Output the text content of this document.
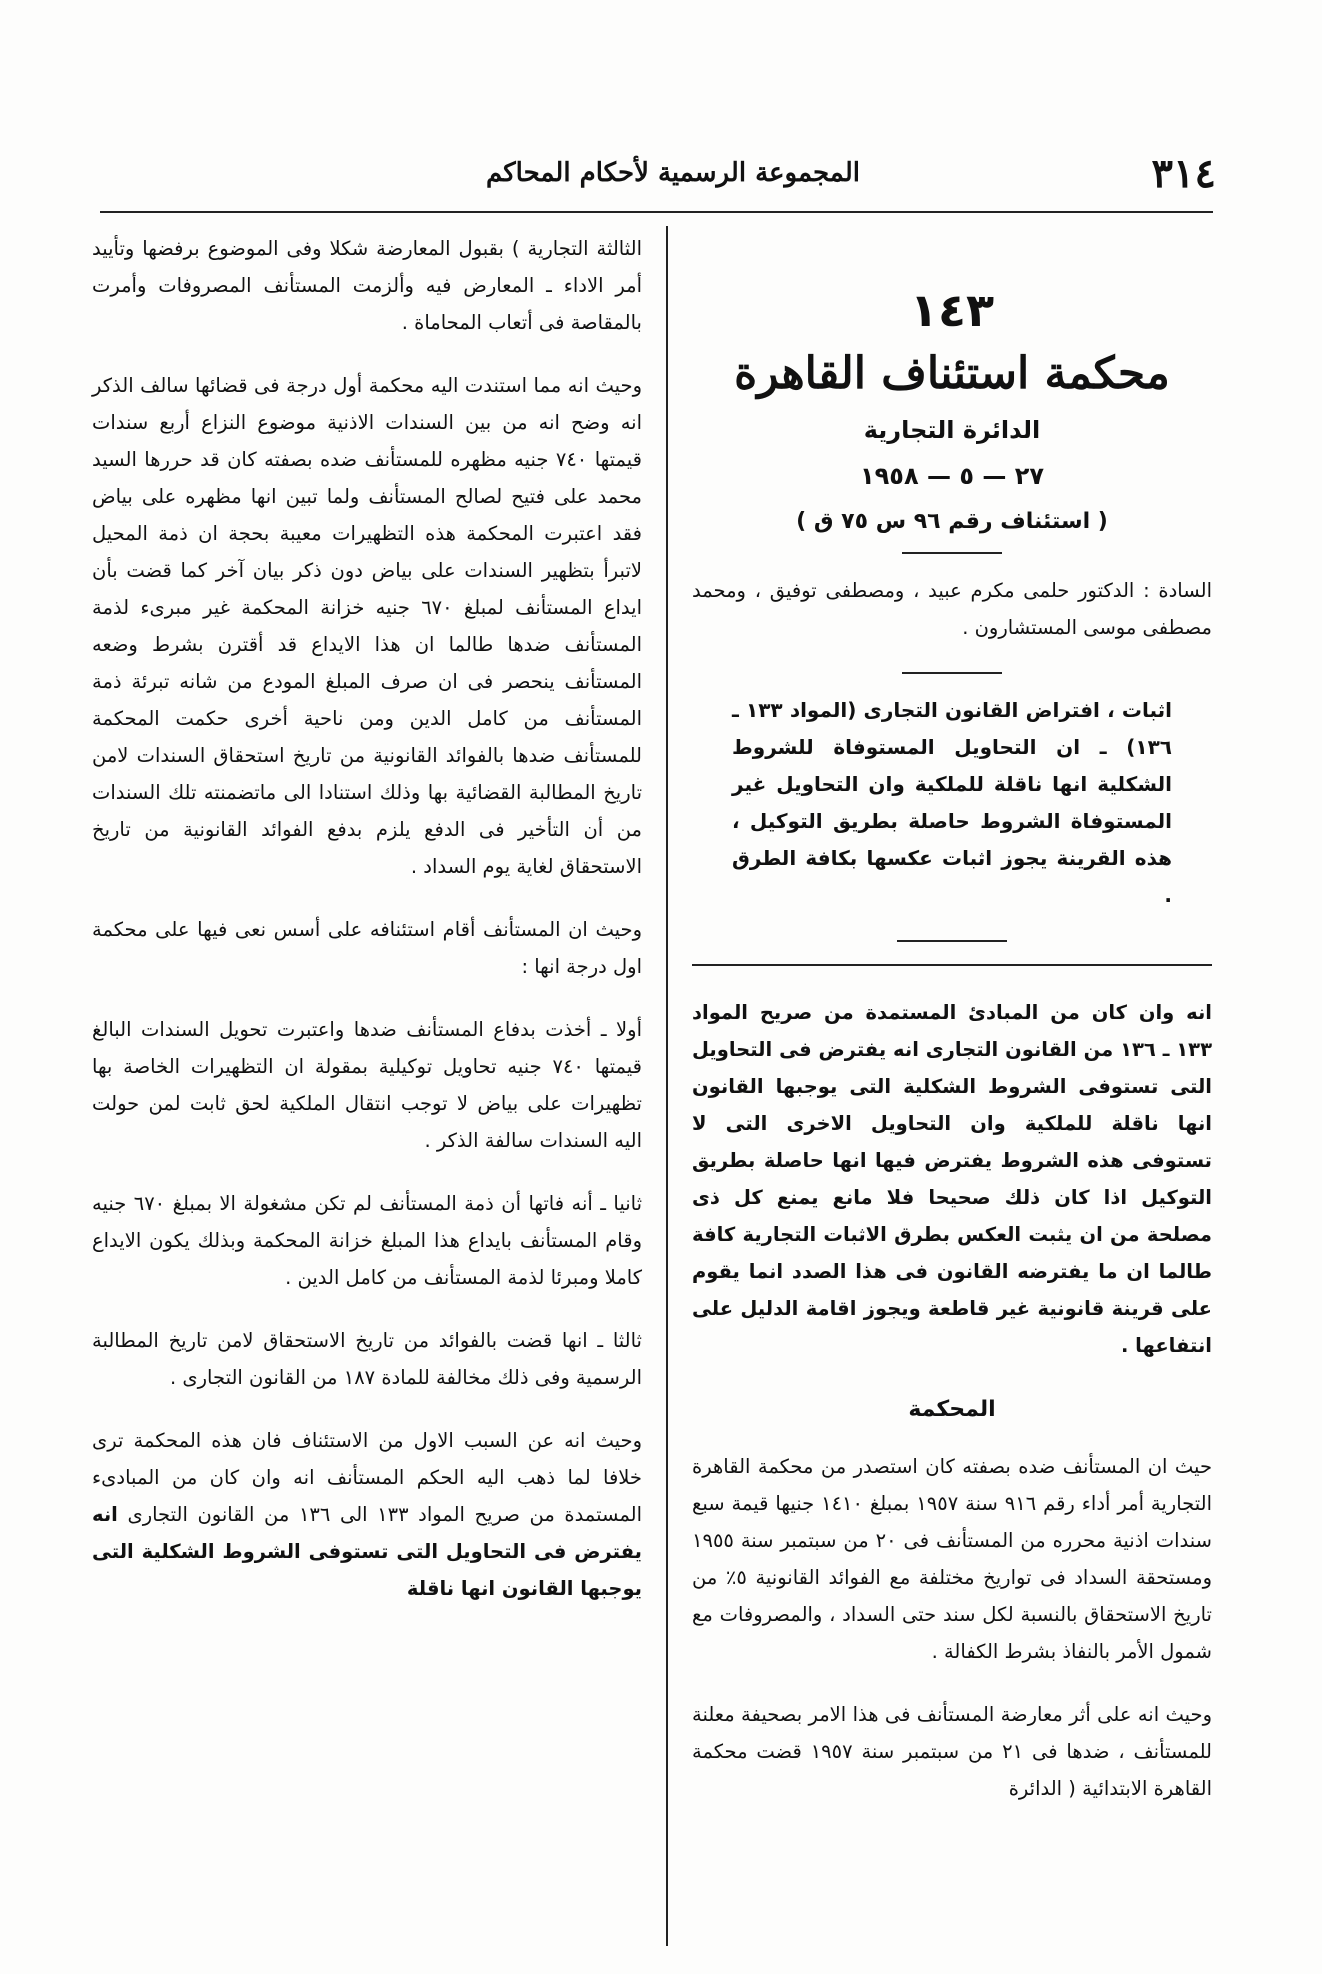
٣١٤
المجموعة الرسمية لأحكام المحاكم
١٤٣
محكمة استئناف القاهرة
الدائرة التجارية
٢٧ — ٥ — ١٩٥٨
( استئناف رقم ٩٦ س ٧٥ ق )

السادة : الدكتور حلمى مكرم عبيد ، ومصطفى توفيق ، ومحمد مصطفى موسى المستشارون .

اثبات ، افتراض القانون التجارى (المواد ١٣٣ ـ ١٣٦) ـ ان التحاويل المستوفاة للشروط الشكلية انها ناقلة للملكية وان التحاويل غير المستوفاة الشروط حاصلة بطريق التوكيل ، هذه القرينة يجوز اثبات عكسها بكافة الطرق .

انه وان كان من المبادئ المستمدة من صريح المواد ١٣٣ ـ ١٣٦ من القانون التجارى انه يفترض فى التحاويل التى تستوفى الشروط الشكلية التى يوجبها القانون انها ناقلة للملكية وان التحاويل الاخرى التى لا تستوفى هذه الشروط يفترض فيها انها حاصلة بطريق التوكيل اذا كان ذلك صحيحا فلا مانع يمنع كل ذى مصلحة من ان يثبت العكس بطرق الاثبات التجارية كافة طالما ان ما يفترضه القانون فى هذا الصدد انما يقوم على قرينة قانونية غير قاطعة ويجوز اقامة الدليل على انتفاعها .

المحكمة

حيث ان المستأنف ضده بصفته كان استصدر من محكمة القاهرة التجارية أمر أداء رقم ٩١٦ سنة ١٩٥٧ بمبلغ ١٤١٠ جنيها قيمة سبع سندات اذنية محرره من المستأنف فى ٢٠ من سبتمبر سنة ١٩٥٥ ومستحقة السداد فى تواريخ مختلفة مع الفوائد القانونية ٥٪ من تاريخ الاستحقاق بالنسبة لكل سند حتى السداد ، والمصروفات مع شمول الأمر بالنفاذ بشرط الكفالة .

وحيث انه على أثر معارضة المستأنف فى هذا الامر بصحيفة معلنة للمستأنف ، ضدها فى ٢١ من سبتمبر سنة ١٩٥٧ قضت محكمة القاهرة الابتدائية ( الدائرة

الثالثة التجارية ) بقبول المعارضة شكلا وفى الموضوع برفضها وتأييد أمر الاداء ـ المعارض فيه وألزمت المستأنف المصروفات وأمرت بالمقاصة فى أتعاب المحاماة .

وحيث انه مما استندت اليه محكمة أول درجة فى قضائها سالف الذكر انه وضح انه من بين السندات الاذنية موضوع النزاع أربع سندات قيمتها ٧٤٠ جنيه مظهره للمستأنف ضده بصفته كان قد حررها السيد محمد على فتيح لصالح المستأنف ولما تبين انها مظهره على بياض فقد اعتبرت المحكمة هذه التظهيرات معيبة بحجة ان ذمة المحيل لاتبرأ بتظهير السندات على بياض دون ذكر بيان آخر كما قضت بأن ايداع المستأنف لمبلغ ٦٧٠ جنيه خزانة المحكمة غير مبرىء لذمة المستأنف ضدها طالما ان هذا الايداع قد أقترن بشرط وضعه المستأنف ينحصر فى ان صرف المبلغ المودع من شانه تبرئة ذمة المستأنف من كامل الدين ومن ناحية أخرى حكمت المحكمة للمستأنف ضدها بالفوائد القانونية من تاريخ استحقاق السندات لامن تاريخ المطالبة القضائية بها وذلك استنادا الى ماتضمنته تلك السندات من أن التأخير فى الدفع يلزم بدفع الفوائد القانونية من تاريخ الاستحقاق لغاية يوم السداد .

وحيث ان المستأنف أقام استئنافه على أسس نعى فيها على محكمة اول درجة انها :

أولا ـ أخذت بدفاع المستأنف ضدها واعتبرت تحويل السندات البالغ قيمتها ٧٤٠ جنيه تحاويل توكيلية بمقولة ان التظهيرات الخاصة بها تظهيرات على بياض لا توجب انتقال الملكية لحق ثابت لمن حولت اليه السندات سالفة الذكر .

ثانيا ـ أنه فاتها أن ذمة المستأنف لم تكن مشغولة الا بمبلغ ٦٧٠ جنيه وقام المستأنف بايداع هذا المبلغ خزانة المحكمة وبذلك يكون الايداع كاملا ومبرئا لذمة المستأنف من كامل الدين .

ثالثا ـ انها قضت بالفوائد من تاريخ الاستحقاق لامن تاريخ المطالبة الرسمية وفى ذلك مخالفة للمادة ١٨٧ من القانون التجارى .

وحيث انه عن السبب الاول من الاستئناف فان هذه المحكمة ترى خلافا لما ذهب اليه الحكم المستأنف انه وان كان من المبادىء المستمدة من صريح المواد ١٣٣ الى ١٣٦ من القانون التجارى انه يفترض فى التحاويل التى تستوفى الشروط الشكلية التى يوجبها القانون انها ناقلة
